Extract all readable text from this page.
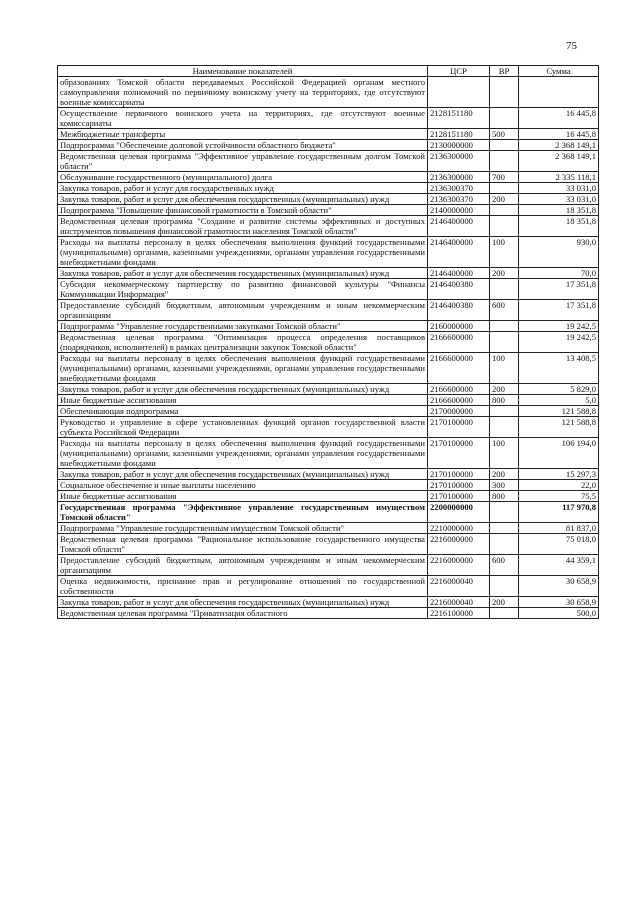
75
Наименование показателей	ЦСР	ВР	Сумма
образованиях Томской области передаваемых Российской Федерацией органам местного самоуправления полномочий по первичному воинскому учету на территориях, где отсутствуют военные комиссариаты			
Осуществление первичного воинского учета на территориях, где отсутствуют военные комиссариаты	2128151180		16 445,8
Межбюджетные трансферты	2128151180	500	16 445,8
Подпрограмма "Обеспечение долговой устойчивости областного бюджета"	2130000000		2 368 149,1
Ведомственная целевая программа "Эффективное управление государственным долгом Томской области"	2136300000		2 368 149,1
Обслуживание государственного (муниципального) долга	2136300000	700	2 335 118,1
Закупка товаров, работ и услуг для государственных нужд	2136300370		33 031,0
Закупка товаров, работ и услуг для обеспечения государственных (муниципальных) нужд	2136300370	200	33 031,0
Подпрограмма "Повышение финансовой грамотности в Томской области"	2140000000		18 351,8
Ведомственная целевая программа "Создание и развитие системы эффективных и доступных инструментов повышения финансовой грамотности населения Томской области"	2146400000		18 351,8
Расходы на выплаты персоналу в целях обеспечения выполнения функций государственными (муниципальными) органами, казенными учреждениями, органами управления государственными внебюджетными фондами	2146400000	100	930,0
Закупка товаров, работ и услуг для обеспечения государственных (муниципальных) нужд	2146400000	200	70,0
Субсидия некоммерческому партнерству по развитию финансовой культуры "Финансы Коммуникации Информация"	2146400380		17 351,8
Предоставление субсидий бюджетным, автономным учреждениям и иным некоммерческим организациям	2146400380	600	17 351,8
Подпрограмма "Управление государственными закупками Томской области"	2160000000		19 242,5
Ведомственная целевая программа "Оптимизация процесса определения поставщиков (подрядчиков, исполнителей) в рамках централизации закупок Томской области"	2166600000		19 242,5
Расходы на выплаты персоналу в целях обеспечения выполнения функций государственными (муниципальными) органами, казенными учреждениями, органами управления государственными внебюджетными фондами	2166600000	100	13 408,5
Закупка товаров, работ и услуг для обеспечения государственных (муниципальных) нужд	2166600000	200	5 829,0
Иные бюджетные ассигнования	2166600000	800	5,0
Обеспечивающая подпрограмма	2170000000		121 588,8
Руководство и управление в сфере установленных функций органов государственной власти субъекта Российской Федерации	2170100000		121 588,8
Расходы на выплаты персоналу в целях обеспечения выполнения функций государственными (муниципальными) органами, казенными учреждениями, органами управления государственными внебюджетными фондами	2170100000	100	106 194,0
Закупка товаров, работ и услуг для обеспечения государственных (муниципальных) нужд	2170100000	200	15 297,3
Социальное обеспечение и иные выплаты населению	2170100000	300	22,0
Иные бюджетные ассигнования	2170100000	800	75,5
Государственная программа "Эффективное управление государственным имуществом Томской области"	2200000000		117 970,8
Подпрограмма "Управление государственным имуществом Томской области"	2210000000		81 837,0
Ведомственная целевая программа "Рациональное использование государственного имущества Томской области"	2216000000		75 018,0
Предоставление субсидий бюджетным, автономным учреждениям и иным некоммерческим организациям	2216000000	600	44 359,1
Оценка недвижимости, признание прав и регулирование отношений по государственной собственности	2216000040		30 658,9
Закупка товаров, работ и услуг для обеспечения государственных (муниципальных) нужд	2216000040	200	30 658,9
Ведомственная целевая программа "Приватизация областного	2216100000		500,0
